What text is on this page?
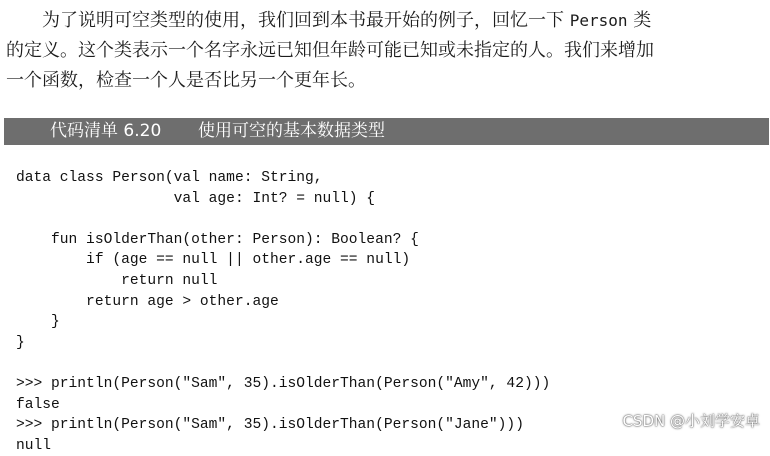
为了说明可空类型的使用，我们回到本书最开始的例子，回忆一下 Person 类
的定义。这个类表示一个名字永远已知但年龄可能已知或未指定的人。我们来增加
一个函数，检查一个人是否比另一个更年长。
代码清单 6.20 使用可空的基本数据类型
data class Person(val name: String,
val age: Int? = null) {
fun isOlderThan(other: Person): Boolean? {
if (age == null || other.age == null)
return null
return age > other.age
}
}
>>> println(Person("Sam", 35).isOlderThan(Person("Amy", 42)))
false
>>> println(Person("Sam", 35).isOlderThan(Person("Jane")))
null
CSDN @小刘学安卓
